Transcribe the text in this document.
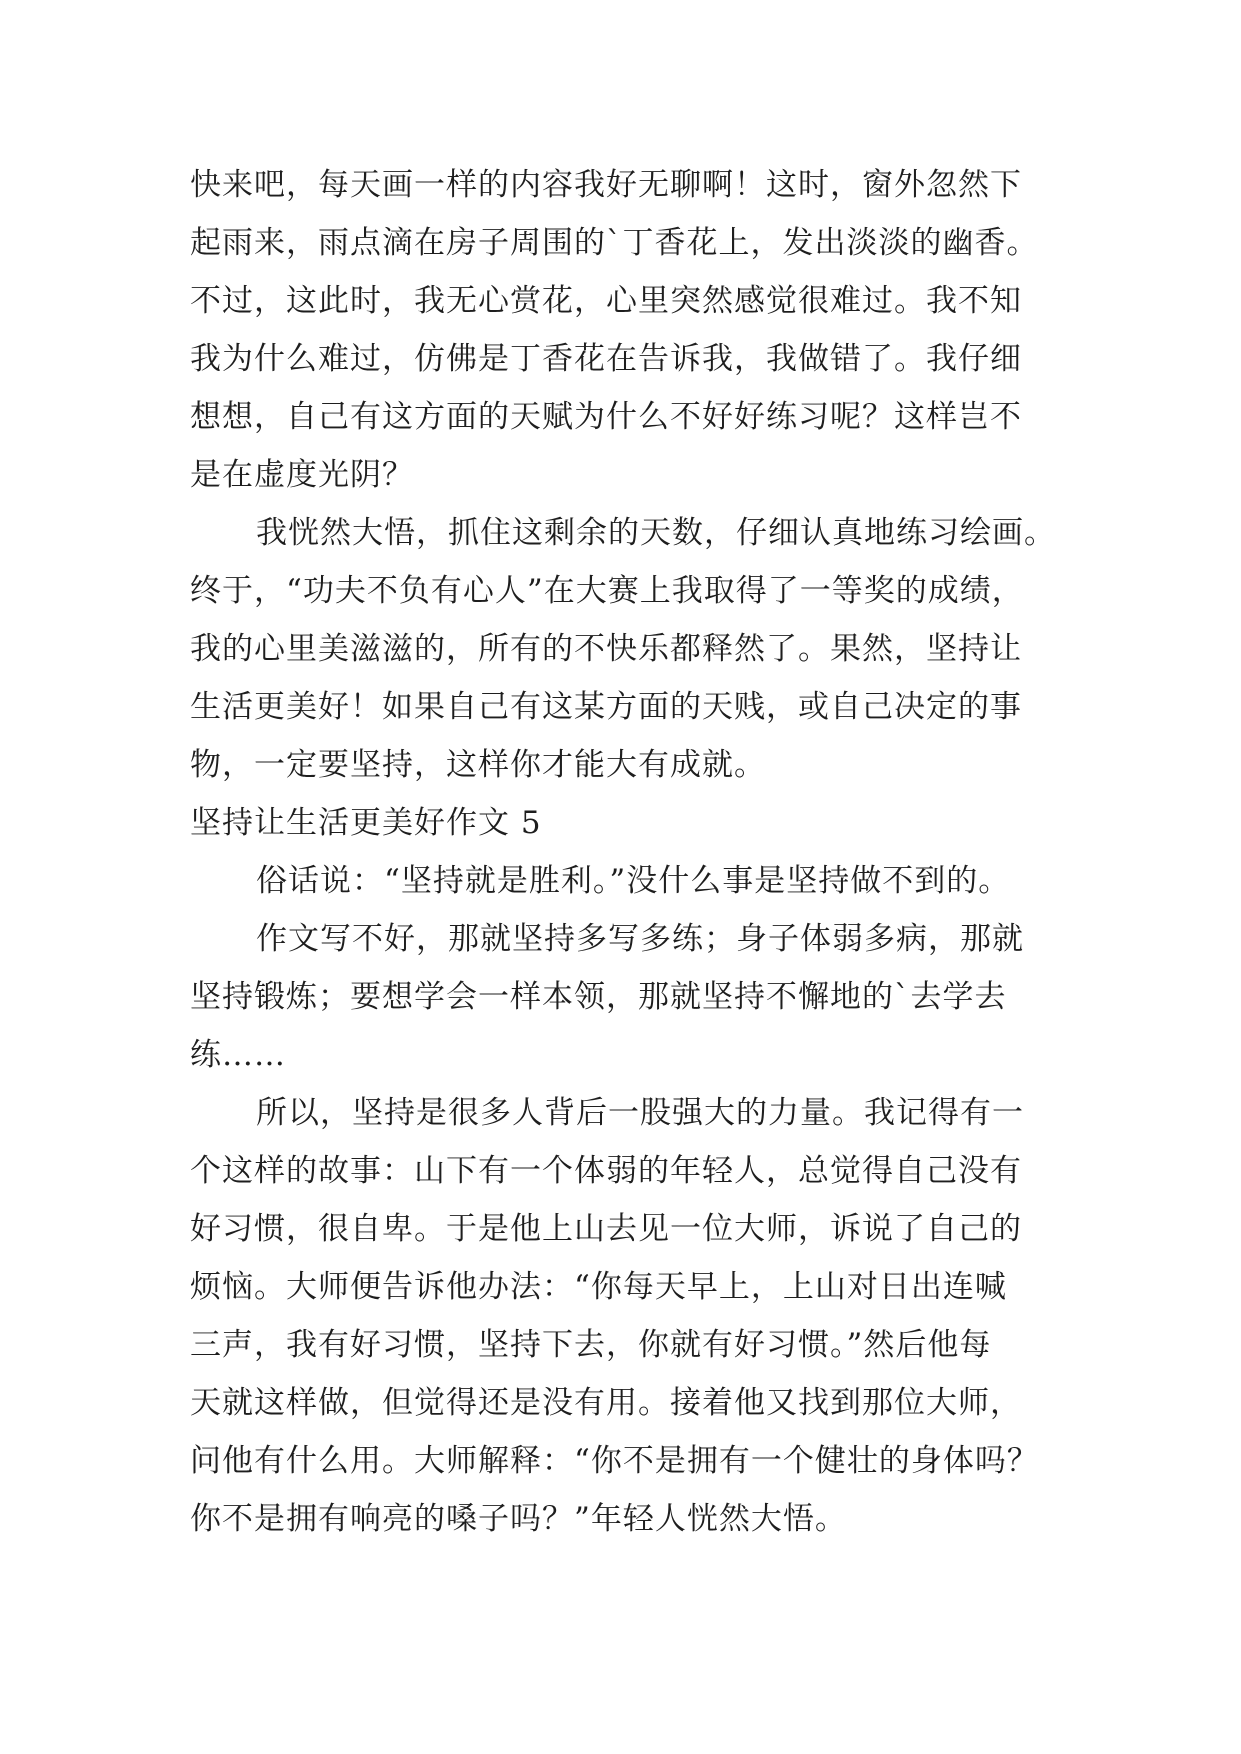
快来吧，每天画一样的内容我好无聊啊！这时，窗外忽然下
起雨来，雨点滴在房子周围的`丁香花上，发出淡淡的幽香。
不过，这此时，我无心赏花，心里突然感觉很难过。我不知
我为什么难过，仿佛是丁香花在告诉我，我做错了。我仔细
想想，自己有这方面的天赋为什么不好好练习呢？这样岂不
是在虚度光阴？
我恍然大悟，抓住这剩余的天数，仔细认真地练习绘画。
终于，“功夫不负有心人”在大赛上我取得了一等奖的成绩，
我的心里美滋滋的，所有的不快乐都释然了。果然，坚持让
生活更美好！如果自己有这某方面的天贱，或自己决定的事
物，一定要坚持，这样你才能大有成就。
坚持让生活更美好作文 5
俗话说：“坚持就是胜利。”没什么事是坚持做不到的。
作文写不好，那就坚持多写多练；身子体弱多病，那就
坚持锻炼；要想学会一样本领，那就坚持不懈地的`去学去
练……
所以，坚持是很多人背后一股强大的力量。我记得有一
个这样的故事：山下有一个体弱的年轻人，总觉得自己没有
好习惯，很自卑。于是他上山去见一位大师，诉说了自己的
烦恼。大师便告诉他办法：“你每天早上，上山对日出连喊
三声，我有好习惯，坚持下去，你就有好习惯。”然后他每
天就这样做，但觉得还是没有用。接着他又找到那位大师，
问他有什么用。大师解释：“你不是拥有一个健壮的身体吗？
你不是拥有响亮的嗓子吗？”年轻人恍然大悟。
